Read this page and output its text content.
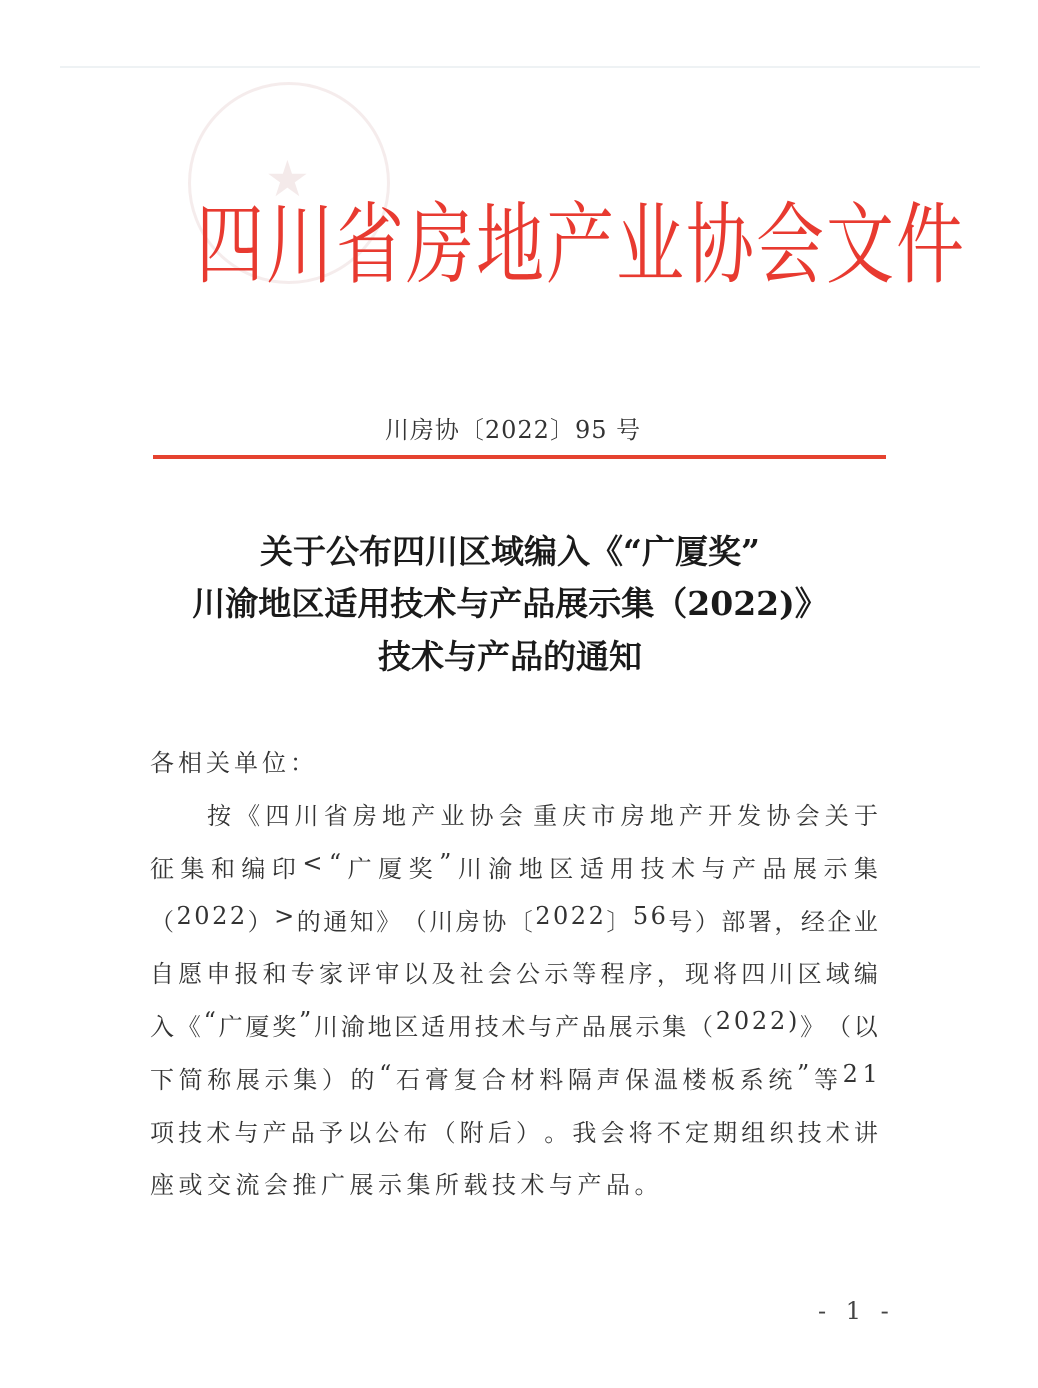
★
四川省房地产业协会文件
川房协〔2022〕95 号
关于公布四川区域编入《“广厦奖”
川渝地区适用技术与产品展示集（2022)》
技术与产品的通知
各相关单位：
按 《 四 川 省 房 地 产 业 协 会 重 庆 市 房 地 产 开 发 协 会 关 于
征 集 和 编 印 < “ 广 厦 奖 ” 川 渝 地 区 适 用 技 术 与 产 品 展 示 集
（ 2 0 2 2 ） > 的 通 知 》 （ 川 房 协 〔 2 0 2 2 〕 5 6 号 ） 部 署 ， 经 企 业
自 愿 申 报 和 专 家 评 审 以 及 社 会 公 示 等 程 序 ， 现 将 四 川 区 域 编
入 《 “ 广 厦 奖 ” 川 渝 地 区 适 用 技 术 与 产 品 展 示 集 （ 2 0 2 2 ) 》 （ 以
下 简 称 展 示 集 ） 的 “ 石 膏 复 合 材 料 隔 声 保 温 楼 板 系 统 ” 等 2 1
项 技 术 与 产 品 予 以 公 布 （ 附 后 ） 。 我 会 将 不 定 期 组 织 技 术 讲
座或交流会推广展示集所载技术与产品。
- 1 -
